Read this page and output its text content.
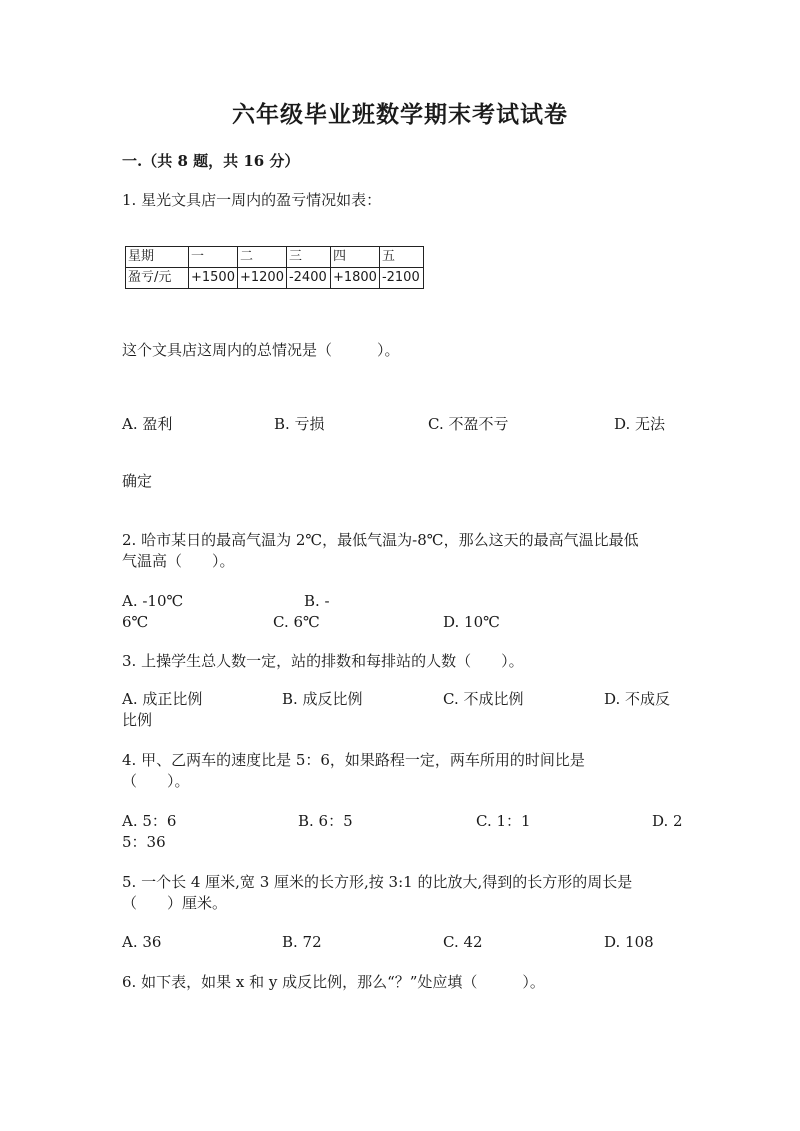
六年级毕业班数学期末考试试卷
一.（共 8 题，共 16 分）
1. 星光文具店一周内的盈亏情况如表：
星期	一	二	三	四	五
盈亏/元	+1500	+1200	-2400	+1800	-2100
这个文具店这周内的总情况是（　　　）。
A. 盈利	B. 亏损	C. 不盈不亏	D. 无法
确定
2. 哈市某日的最高气温为 2℃，最低气温为-8℃，那么这天的最高气温比最低
气温高（　　）。
A. -10℃	B. -
6℃	C. 6℃	D. 10℃
3. 上操学生总人数一定，站的排数和每排站的人数（　　）。
A. 成正比例	B. 成反比例	C. 不成比例	D. 不成反
比例
4. 甲、乙两车的速度比是 5：6，如果路程一定，两车所用的时间比是
（　　）。
A. 5：6	B. 6：5	C. 1：1	D. 2
5：36
5. 一个长 4 厘米,宽 3 厘米的长方形,按 3:1 的比放大,得到的长方形的周长是
（　　）厘米。
A. 36	B. 72	C. 42	D. 108
6. 如下表，如果 x 和 y 成反比例，那么“？”处应填（　　　）。
